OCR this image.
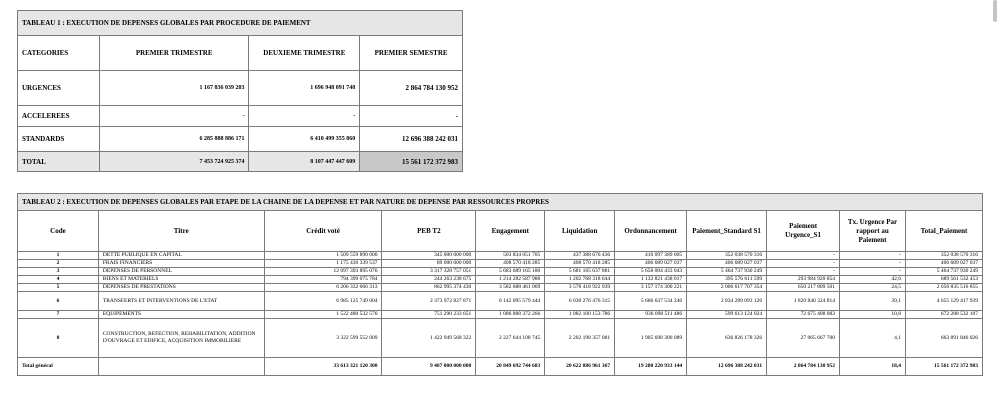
TABLEAU 1 : EXECUTION DE DEPENSES GLOBALES PAR PROCEDURE DE PAIEMENT			
CATEGORIES	PREMIER TRIMESTRE	DEUXIEME TRIMESTRE	PREMIER SEMESTRE
URGENCES	1 167 836 039 203	1 696 948 091 748	2 864 784 130 952
ACCELEREES	-	-	-
STANDARDS	6 285 888 886 171	6 410 499 355 860	12 696 388 242 031
TOTAL	7 453 724 925 374	8 107 447 447 609	15 561 172 372 983
TABLEAU 2 : EXECUTION DE DEPENSES GLOBALES PAR ETAPE DE LA CHAINE DE LA DEPENSE ET PAR NATURE DE DEPENSE PAR RESSOURCES PROPRES										
Code	Titre	Crédit voté	PEB T2	Engagement	Liquidation	Ordonnancement	Paiement_Standard S1	Paiement Urgence_S1	Tx. Urgence Par rapport au Paiement	Total_Paiement
1	DETTE PUBLIQUE EN CAPITAL	1 509 559 890 000	345 000 000 000	503 834 051 705	437 388 676 436	416 097 389 005	352 038 570 316	-	-	352 038 570 316
2	FRAIS FINANCIERS	1 175 430 339 537	89 000 000 000	408 570 418 285	408 570 418 285	406 689 027 037	406 689 027 037	-	-	406 689 027 037
3	DEPENSES DE PERSONNEL	12 097 393 895 076	3 317 328 757 051	5 683 689 165 180	5 681 165 637 881	5 658 004 433 043	5 464 737 930 249	-	-	5 464 737 930 249
4	BIENS ET MATERIELS	794 399 075 784	244 263 238 675	1 214 282 587 988	1 202 768 318 644	1 133 821 438 017	395 576 611 599	293 984 920 854	42,6	689 561 532 453
5	DEPENSES DE PRESTATIONS	6 206 332 066 313	862 995 374 430	3 582 688 461 069	3 578 418 922 939	3 157 174 300 221	2 006 617 707 354	650 217 809 501	24,5	2 656 835 516 855
6	TRANSFERTS ET INTERVENTIONS DE L'ETAT	6 985 125 749 004	2 373 972 827 871	6 142 095 579 444	6 030 276 476 315	5 666 637 534 246	2 834 289 093 126	1 820 840 324 814	39,1	4 655 129 417 939
7	EQUIPEMENTS	1 522 480 532 576	751 290 233 651	1 086 888 372 266	1 082 100 153 786	936 098 511 486	599 613 124 024	72 675 408 083	10,8	672 288 532 107
8	CONSTRUCTION, REFECTION, REHABILITATION, ADDITION D'OUVRAGE ET EDIFICE, ACQUISITION IMMOBILIERE	3 322 599 552 009	1 422 949 568 322	2 227 644 108 745	2 202 198 357 081	1 905 698 300 089	636 826 178 326	27 065 667 700	4,1	663 891 846 026
Total général		33 613 321 120 300	9 407 000 000 000	20 849 692 744 683	20 622 886 961 367	19 280 220 933 144	12 696 388 242 031	2 864 784 130 952	18,4	15 561 172 372 983
